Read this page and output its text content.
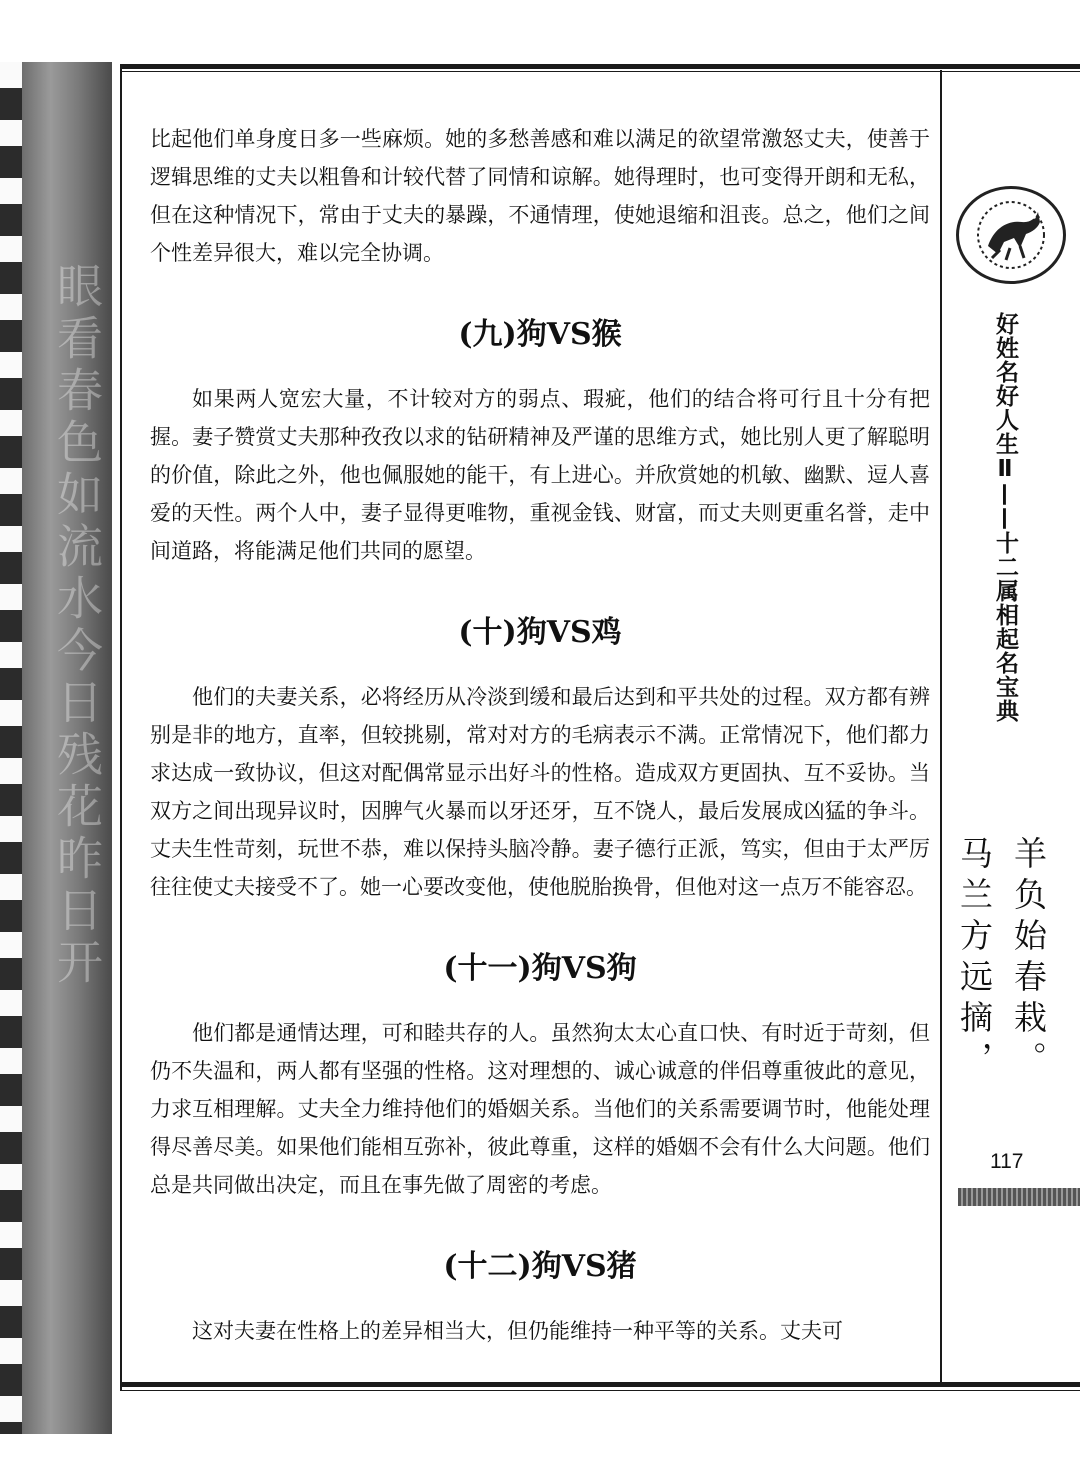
眼看春色如流水今日残花昨日开

比起他们单身度日多一些麻烦。她的多愁善感和难以满足的欲望常激怒丈夫，使善于逻辑思维的丈夫以粗鲁和计较代替了同情和谅解。她得理时，也可变得开朗和无私，但在这种情况下，常由于丈夫的暴躁，不通情理，使她退缩和沮丧。总之，他们之间个性差异很大，难以完全协调。

(九)狗VS猴

如果两人宽宏大量，不计较对方的弱点、瑕疵，他们的结合将可行且十分有把握。妻子赞赏丈夫那种孜孜以求的钻研精神及严谨的思维方式，她比别人更了解聪明的价值，除此之外，他也佩服她的能干，有上进心。并欣赏她的机敏、幽默、逗人喜爱的天性。两个人中，妻子显得更唯物，重视金钱、财富，而丈夫则更重名誉，走中间道路，将能满足他们共同的愿望。

(十)狗VS鸡

他们的夫妻关系，必将经历从冷淡到缓和最后达到和平共处的过程。双方都有辨别是非的地方，直率，但较挑剔，常对对方的毛病表示不满。正常情况下，他们都力求达成一致协议，但这对配偶常显示出好斗的性格。造成双方更固执、互不妥协。当双方之间出现异议时，因脾气火暴而以牙还牙，互不饶人，最后发展成凶猛的争斗。丈夫生性苛刻，玩世不恭，难以保持头脑冷静。妻子德行正派，笃实，但由于太严厉往往使丈夫接受不了。她一心要改变他，使他脱胎换骨，但他对这一点万不能容忍。

(十一)狗VS狗

他们都是通情达理，可和睦共存的人。虽然狗太太心直口快、有时近于苛刻，但仍不失温和，两人都有坚强的性格。这对理想的、诚心诚意的伴侣尊重彼此的意见，力求互相理解。丈夫全力维持他们的婚姻关系。当他们的关系需要调节时，他能处理得尽善尽美。如果他们能相互弥补，彼此尊重，这样的婚姻不会有什么大问题。他们总是共同做出决定，而且在事先做了周密的考虑。

(十二)狗VS猪

这对夫妻在性格上的差异相当大，但仍能维持一种平等的关系。丈夫可

好姓名好人生Ⅱ——十二属相起名宝典
羊负始春栽。
马兰方远摘，
117
